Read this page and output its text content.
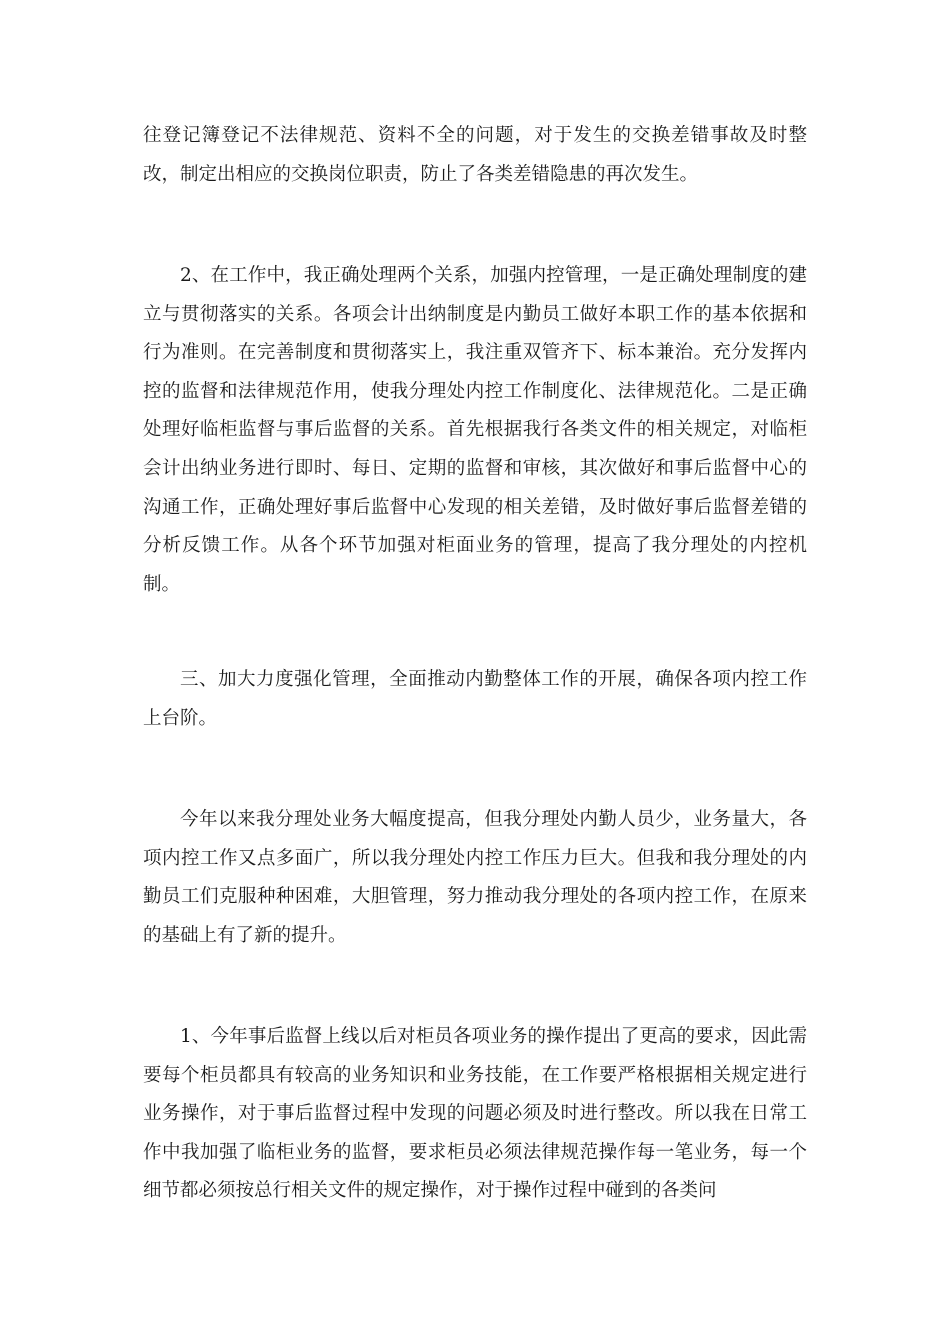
往登记簿登记不法律规范、资料不全的问题，对于发生的交换差错事故及时整改，制定出相应的交换岗位职责，防止了各类差错隐患的再次发生。

2、在工作中，我正确处理两个关系，加强内控管理，一是正确处理制度的建立与贯彻落实的关系。各项会计出纳制度是内勤员工做好本职工作的基本依据和行为准则。在完善制度和贯彻落实上，我注重双管齐下、标本兼治。充分发挥内控的监督和法律规范作用，使我分理处内控工作制度化、法律规范化。二是正确处理好临柜监督与事后监督的关系。首先根据我行各类文件的相关规定，对临柜会计出纳业务进行即时、每日、定期的监督和审核，其次做好和事后监督中心的沟通工作，正确处理好事后监督中心发现的相关差错，及时做好事后监督差错的分析反馈工作。从各个环节加强对柜面业务的管理，提高了我分理处的内控机制。

三、加大力度强化管理，全面推动内勤整体工作的开展，确保各项内控工作上台阶。

今年以来我分理处业务大幅度提高，但我分理处内勤人员少，业务量大，各项内控工作又点多面广，所以我分理处内控工作压力巨大。但我和我分理处的内勤员工们克服种种困难，大胆管理，努力推动我分理处的各项内控工作，在原来的基础上有了新的提升。

1、今年事后监督上线以后对柜员各项业务的操作提出了更高的要求，因此需要每个柜员都具有较高的业务知识和业务技能，在工作要严格根据相关规定进行业务操作，对于事后监督过程中发现的问题必须及时进行整改。所以我在日常工作中我加强了临柜业务的监督，要求柜员必须法律规范操作每一笔业务，每一个细节都必须按总行相关文件的规定操作，对于操作过程中碰到的各类问
